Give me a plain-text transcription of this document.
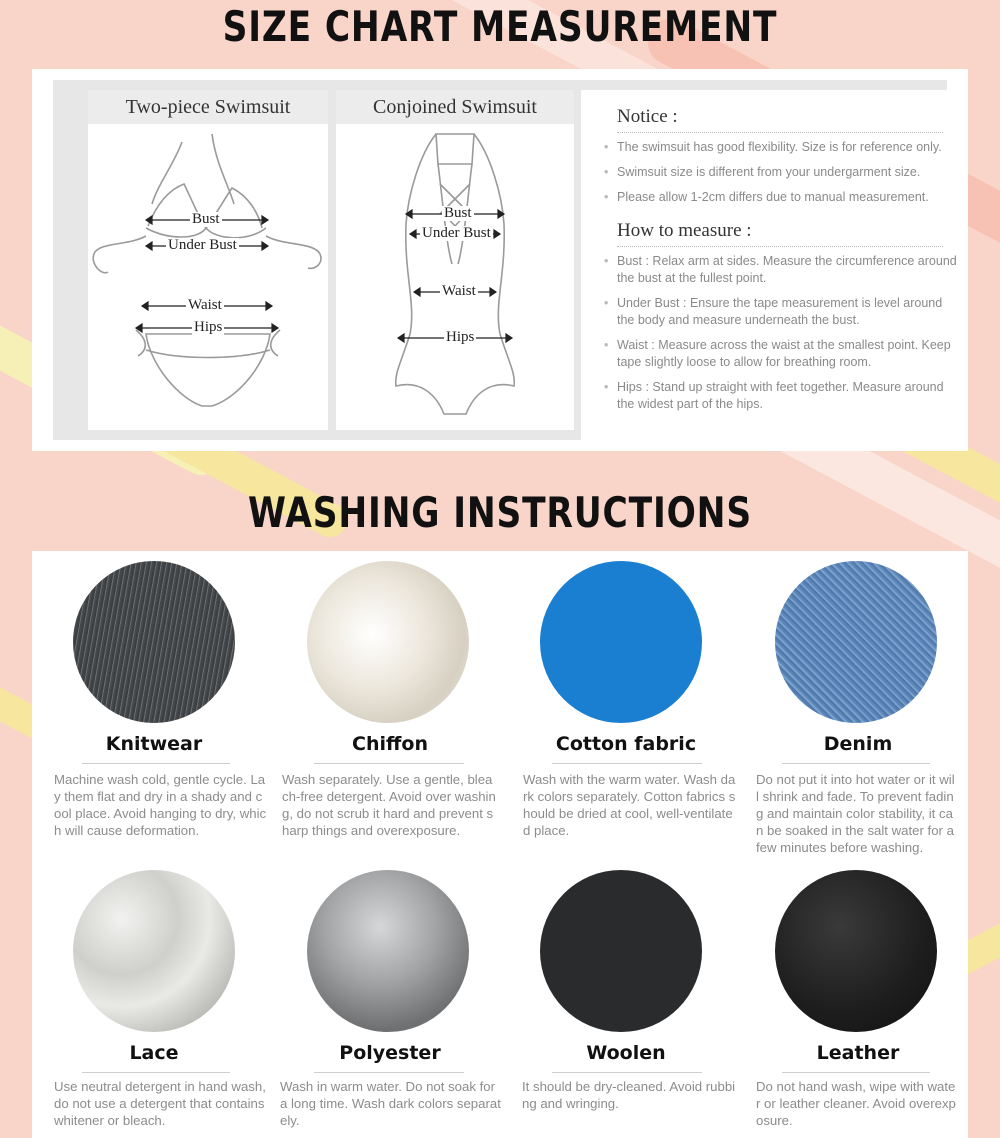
SIZE CHART MEASUREMENT
Two-piece Swimsuit
Bust
Under Bust
Waist
Hips
Conjoined Swimsuit
Bust
Under Bust
Waist
Hips
Notice :
• The swimsuit has good flexibility. Size is for reference only.
• Swimsuit size is different from your undergarment size.
• Please allow 1-2cm differs due to manual measurement.
How to measure :
• Bust : Relax arm at sides. Measure the circumference around the bust at the fullest point.
• Under Bust : Ensure the tape measurement is level around the body and measure underneath the bust.
• Waist : Measure across the waist at the smallest point. Keep tape slightly loose to allow for breathing room.
• Hips : Stand up straight with feet together. Measure around the widest part of the hips.
WASHING INSTRUCTIONS
Knitwear
Machine wash cold, gentle cycle. Lay them flat and dry in a shady and cool place. Avoid hanging to dry, which will cause deformation.
Chiffon
Wash separately. Use a gentle, bleach-free detergent. Avoid over washing, do not scrub it hard and prevent sharp things and overexposure.
Cotton fabric
Wash with the warm water. Wash dark colors separately. Cotton fabrics should be dried at cool, well-ventilated place.
Denim
Do not put it into hot water or it will shrink and fade. To prevent fading and maintain color stability, it can be soaked in the salt water for a few minutes before washing.
Lace
Use neutral detergent in hand wash, do not use a detergent that contains whitener or bleach.
Polyester
Wash in warm water. Do not soak for a long time. Wash dark colors separately.
Woolen
It should be dry-cleaned. Avoid rubbing and wringing.
Leather
Do not hand wash, wipe with water or leather cleaner. Avoid overexposure.
